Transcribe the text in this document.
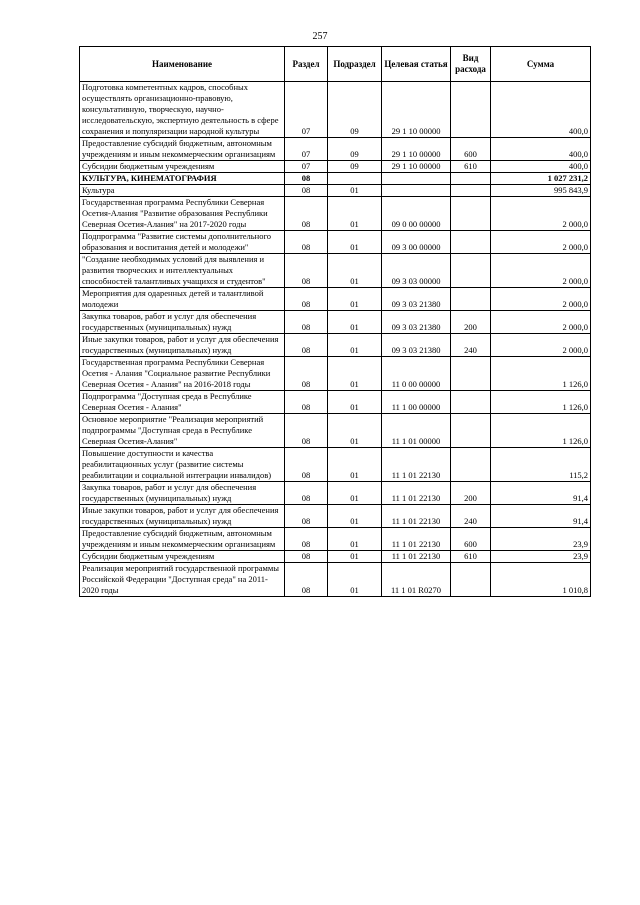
257
Наименование	Раздел	Подраздел	Целевая статья	Вид расхода	Сумма
Подготовка компетентных кадров, способных осуществлять организационно-правовую, консультативную, творческую, научно-исследовательскую, экспертную деятельность в сфере сохранения и популяризации народной культуры	07	09	29 1 10 00000		400,0
Предоставление субсидий бюджетным, автономным учреждениям и иным некоммерческим организациям	07	09	29 1 10 00000	600	400,0
Субсидии бюджетным учреждениям	07	09	29 1 10 00000	610	400,0
КУЛЬТУРА, КИНЕМАТОГРАФИЯ	08				1 027 231,2
Культура	08	01			995 843,9
Государственная программа Республики Северная Осетия-Алания "Развитие образования Республики Северная Осетия-Алания" на 2017-2020 годы	08	01	09 0 00 00000		2 000,0
Подпрограмма "Развитие системы дополнительного образования и воспитания детей и молодежи"	08	01	09 3 00 00000		2 000,0
"Создание необходимых условий для выявления и развития творческих и интеллектуальных способностей талантливых учащихся и студентов"	08	01	09 3 03 00000		2 000,0
Мероприятия для одаренных детей и талантливой молодежи	08	01	09 3 03 21380		2 000,0
Закупка товаров, работ и услуг для обеспечения государственных (муниципальных) нужд	08	01	09 3 03 21380	200	2 000,0
Иные закупки товаров, работ и услуг для обеспечения государственных (муниципальных) нужд	08	01	09 3 03 21380	240	2 000,0
Государственная программа Республики Северная Осетия - Алания "Социальное развитие Республики Северная Осетия - Алания" на 2016-2018 годы	08	01	11 0 00 00000		1 126,0
Подпрограмма "Доступная среда в Республике Северная Осетия - Алания"	08	01	11 1 00 00000		1 126,0
Основное мероприятие "Реализация мероприятий подпрограммы "Доступная среда в Республике Северная Осетия-Алания"	08	01	11 1 01 00000		1 126,0
Повышение доступности и качества реабилитационных услуг (развитие системы реабилитации и социальной интеграции инвалидов)	08	01	11 1 01 22130		115,2
Закупка товаров, работ и услуг для обеспечения государственных (муниципальных) нужд	08	01	11 1 01 22130	200	91,4
Иные закупки товаров, работ и услуг для обеспечения государственных (муниципальных) нужд	08	01	11 1 01 22130	240	91,4
Предоставление субсидий бюджетным, автономным учреждениям и иным некоммерческим организациям	08	01	11 1 01 22130	600	23,9
Субсидии бюджетным учреждениям	08	01	11 1 01 22130	610	23,9
Реализация мероприятий государственной программы Российской Федерации "Доступная среда" на 2011-2020 годы	08	01	11 1 01 R0270		1 010,8
